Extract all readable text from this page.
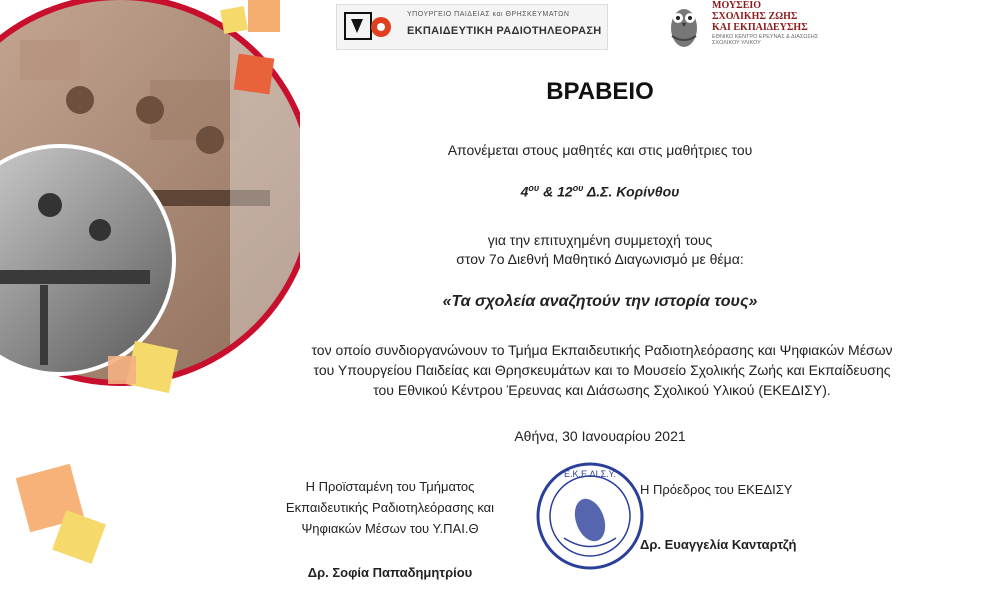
ΥΠΟΥΡΓΕΙΟ ΠΑΙΔΕΙΑΣ και ΘΡΗΣΚΕΥΜΑΤΩΝ
ΕΚΠΑΙΔΕΥΤΙΚΗ ΡΑΔΙΟΤΗΛΕΟΡΑΣΗ
ΜΟΥΣΕΙΟ
ΣΧΟΛΙΚΗΣ ΖΩΗΣ
ΚΑΙ ΕΚΠΑΙΔΕΥΣΗΣ
ΕΘΝΙΚΟ ΚΕΝΤΡΟ ΕΡΕΥΝΑΣ & ΔΙΑΣΩΣΗΣ ΣΧΟΛΙΚΟΥ ΥΛΙΚΟΥ
ΒΡΑΒΕΙΟ
Απονέμεται στους μαθητές και στις μαθήτριες του
$4^{o\upsilon}$ & $12^{o\upsilon}$ Δ.Σ. Κορίνθου
για την επιτυχημένη συμμετοχή τους
στον 7ο Διεθνή Μαθητικό Διαγωνισμό με θέμα:
«Τα σχολεία αναζητούν την ιστορία τους»
τον οποίο συνδιοργανώνουν το Τμήμα Εκπαιδευτικής Ραδιοτηλεόρασης και Ψηφιακών Μέσων
του Υπουργείου Παιδείας και Θρησκευμάτων και το Μουσείο Σχολικής Ζωής και Εκπαίδευσης
του Εθνικού Κέντρου Έρευνας και Διάσωσης Σχολικού Υλικού (ΕΚΕΔΙΣΥ).
Αθήνα, 30 Ιανουαρίου 2021
Η Προϊσταμένη του Τμήματος
Εκπαιδευτικής Ραδιοτηλεόρασης και
Ψηφιακών Μέσων του Υ.ΠΑΙ.Θ
Δρ. Σοφία Παπαδημητρίου
Ε.Κ.Ε.ΔΙ.Σ.Υ.
Η Πρόεδρος του ΕΚΕΔΙΣΥ
Δρ. Ευαγγελία Κανταρτζή
